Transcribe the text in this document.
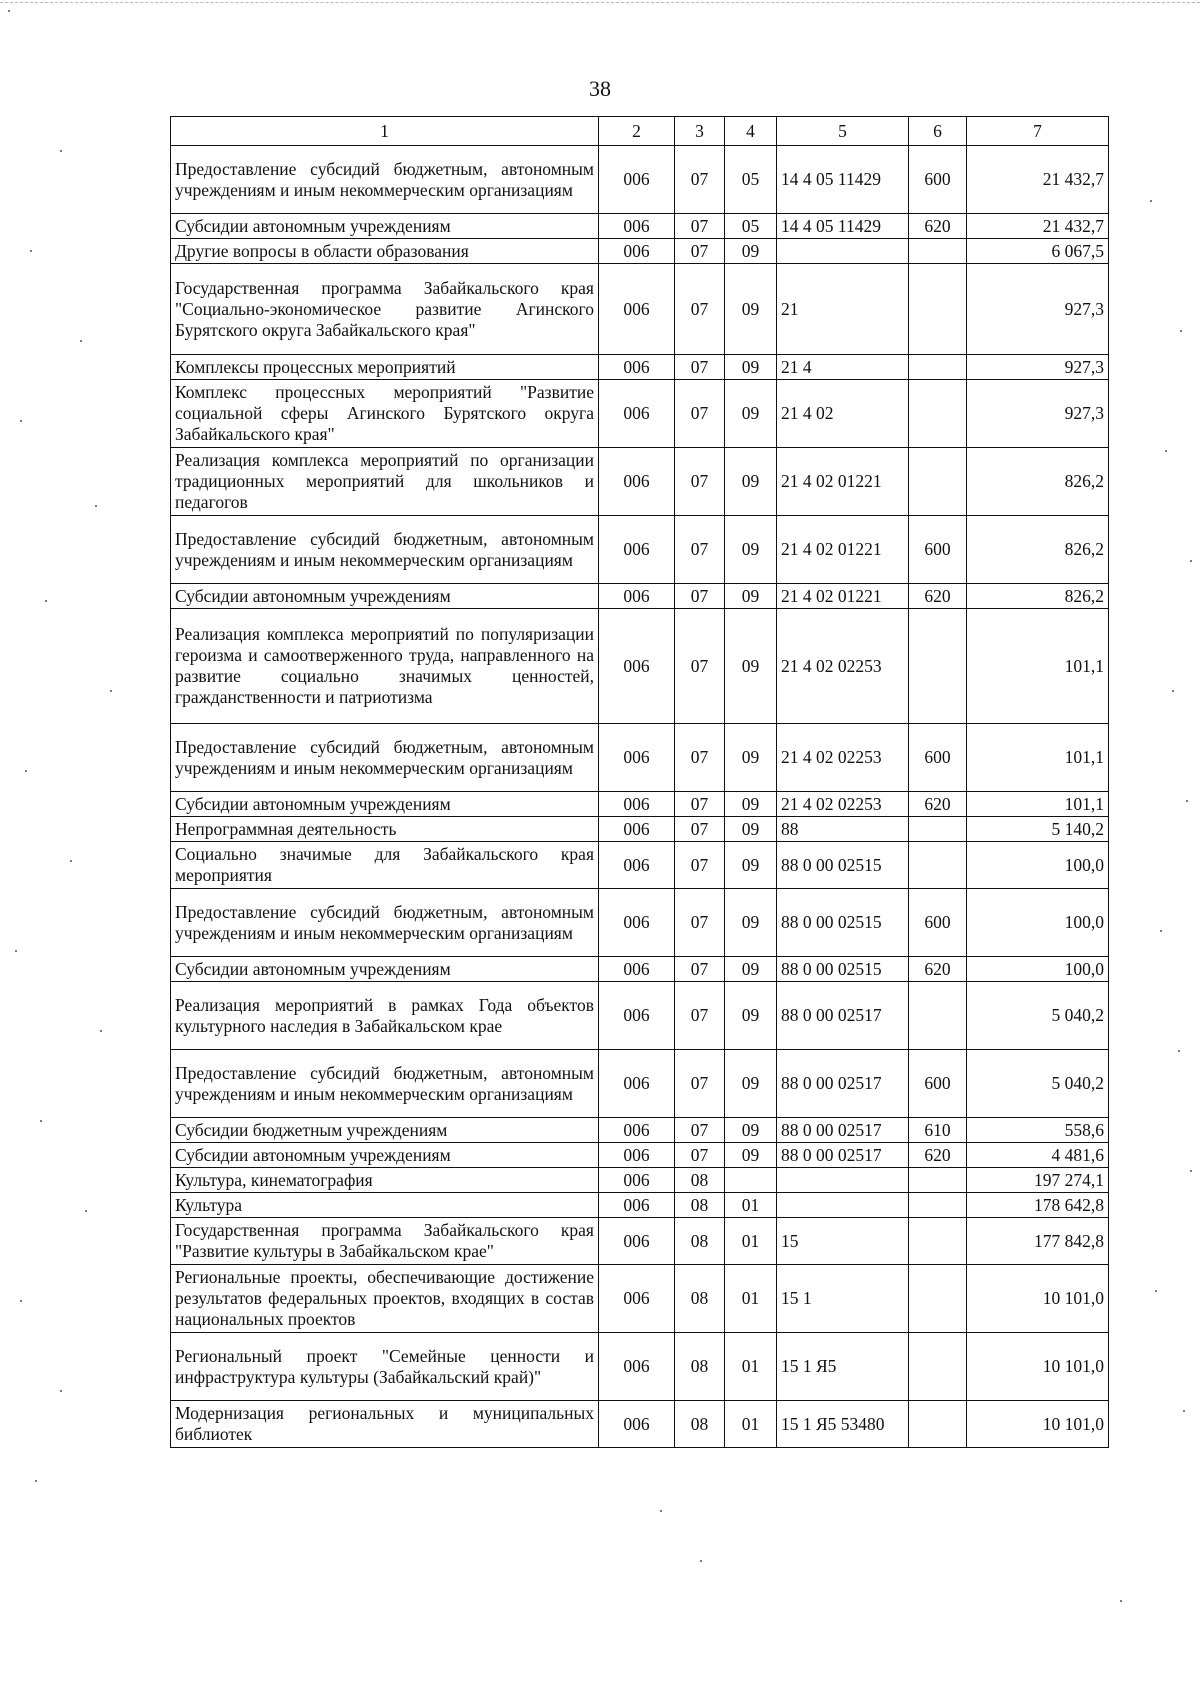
38
1	2	3	4	5	6	7
Предоставление субсидий бюджетным, автономным учреждениям и иным некоммерческим организациям	006	07	05	14 4 05 11429	600	21 432,7
Субсидии автономным учреждениям	006	07	05	14 4 05 11429	620	21 432,7
Другие вопросы в области образования	006	07	09			6 067,5
Государственная программа Забайкальского края "Социально-экономическое развитие Агинского Бурятского округа Забайкальского края"	006	07	09	21		927,3
Комплексы процессных мероприятий	006	07	09	21 4		927,3
Комплекс процессных мероприятий "Развитие социальной сферы Агинского Бурятского округа Забайкальского края"	006	07	09	21 4 02		927,3
Реализация комплекса мероприятий по организации традиционных мероприятий для школьников и педагогов	006	07	09	21 4 02 01221		826,2
Предоставление субсидий бюджетным, автономным учреждениям и иным некоммерческим организациям	006	07	09	21 4 02 01221	600	826,2
Субсидии автономным учреждениям	006	07	09	21 4 02 01221	620	826,2
Реализация комплекса мероприятий по популяризации героизма и самоотверженного труда, направленного на развитие социально значимых ценностей, гражданственности и патриотизма	006	07	09	21 4 02 02253		101,1
Предоставление субсидий бюджетным, автономным учреждениям и иным некоммерческим организациям	006	07	09	21 4 02 02253	600	101,1
Субсидии автономным учреждениям	006	07	09	21 4 02 02253	620	101,1
Непрограммная деятельность	006	07	09	88		5 140,2
Социально значимые для Забайкальского края мероприятия	006	07	09	88 0 00 02515		100,0
Предоставление субсидий бюджетным, автономным учреждениям и иным некоммерческим организациям	006	07	09	88 0 00 02515	600	100,0
Субсидии автономным учреждениям	006	07	09	88 0 00 02515	620	100,0
Реализация мероприятий в рамках Года объектов культурного наследия в Забайкальском крае	006	07	09	88 0 00 02517		5 040,2
Предоставление субсидий бюджетным, автономным учреждениям и иным некоммерческим организациям	006	07	09	88 0 00 02517	600	5 040,2
Субсидии бюджетным учреждениям	006	07	09	88 0 00 02517	610	558,6
Субсидии автономным учреждениям	006	07	09	88 0 00 02517	620	4 481,6
Культура, кинематография	006	08				197 274,1
Культура	006	08	01			178 642,8
Государственная программа Забайкальского края "Развитие культуры в Забайкальском крае"	006	08	01	15		177 842,8
Региональные проекты, обеспечивающие достижение результатов федеральных проектов, входящих в состав национальных проектов	006	08	01	15 1		10 101,0
Региональный проект "Семейные ценности и инфраструктура культуры (Забайкальский край)"	006	08	01	15 1 Я5		10 101,0
Модернизация региональных и муниципальных библиотек	006	08	01	15 1 Я5 53480		10 101,0
